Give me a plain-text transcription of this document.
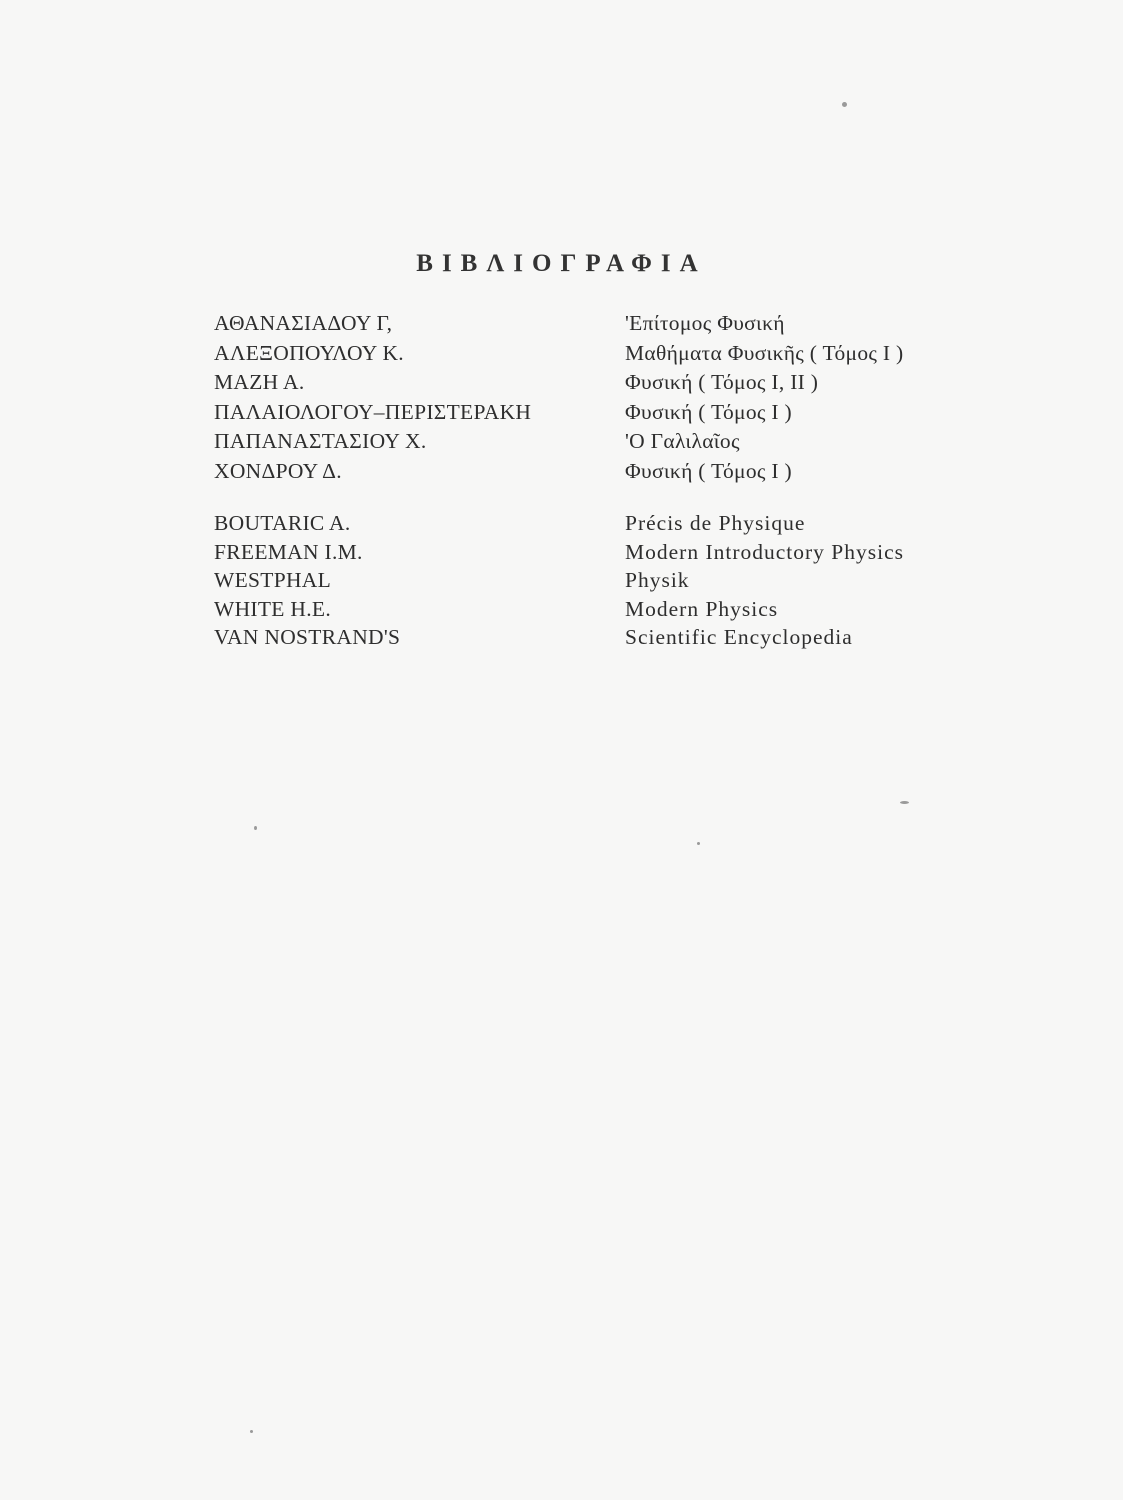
ΒΙΒΛΙΟΓΡΑΦΙΑ
ΑΘΑΝΑΣΙΑΔΟΥ Γ,	'Επίτομος Φυσική
ΑΛΕΞΟΠΟΥΛΟΥ Κ.	Μαθήματα Φυσικῆς ( Τόμος Ι )
ΜΑΖΗ Α.	Φυσική ( Τόμος Ι, ΙΙ )
ΠΑΛΑΙΟΛΟΓΟΥ–ΠΕΡΙΣΤΕΡΑΚΗ	Φυσική ( Τόμος Ι )
ΠΑΠΑΝΑΣΤΑΣΙΟΥ Χ.	'Ο Γαλιλαῖος
ΧΟΝΔΡΟΥ Δ.	Φυσική ( Τόμος Ι )
BOUTARIC A.	Précis de Physique
FREEMAN I.M.	Modern Introductory Physics
WESTPHAL	Physik
WHITE H.E.	Modern Physics
VAN NOSTRAND'S	Scientific Encyclopedia
